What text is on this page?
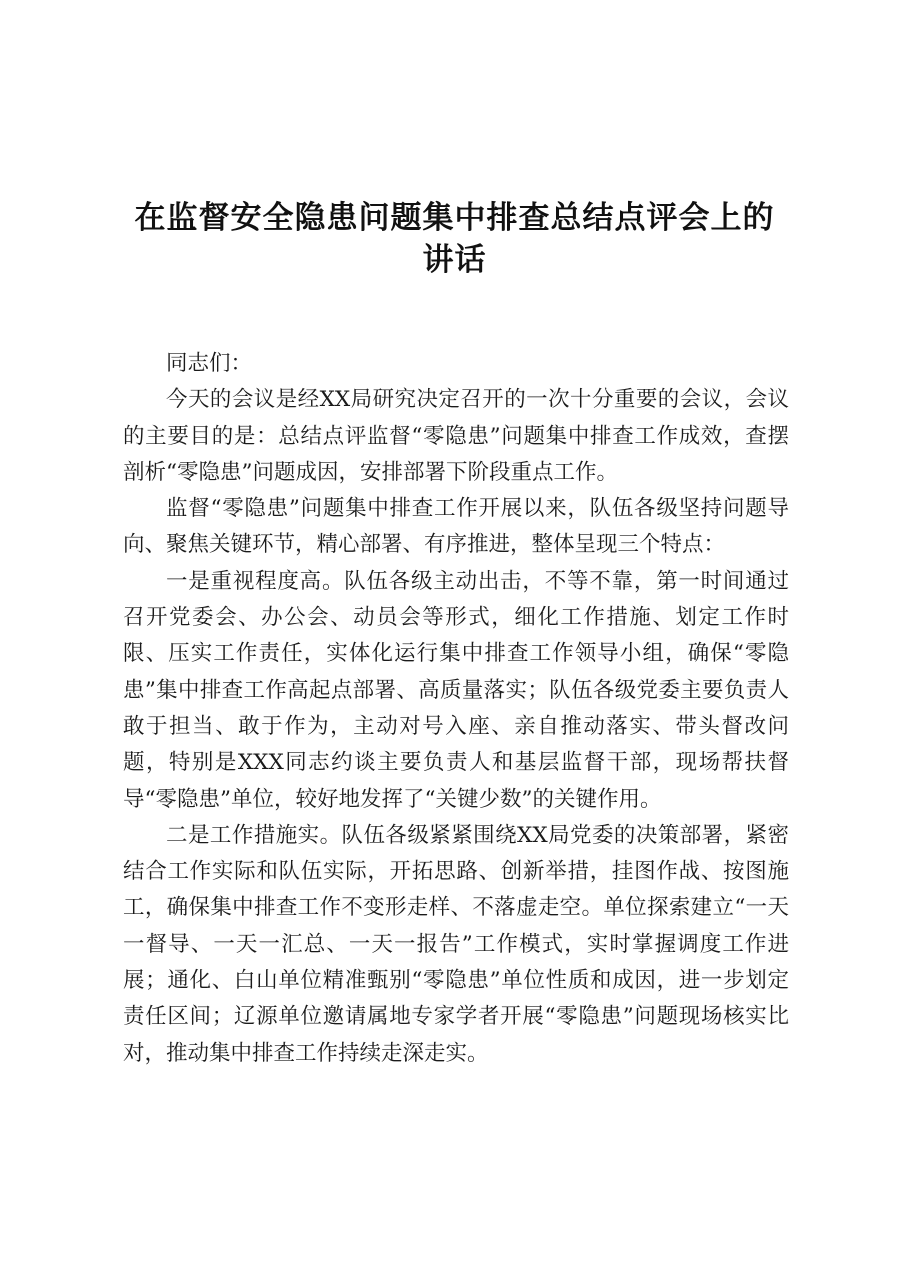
在监督安全隐患问题集中排查总结点评会上的
讲话

同志们：

今天的会议是经XX局研究决定召开的一次十分重要的会议，会议的主要目的是：总结点评监督“零隐患”问题集中排查工作成效，查摆剖析“零隐患”问题成因，安排部署下阶段重点工作。

监督“零隐患”问题集中排查工作开展以来，队伍各级坚持问题导向、聚焦关键环节，精心部署、有序推进，整体呈现三个特点：

一是重视程度高。队伍各级主动出击，不等不靠，第一时间通过召开党委会、办公会、动员会等形式，细化工作措施、划定工作时限、压实工作责任，实体化运行集中排查工作领导小组，确保“零隐患”集中排查工作高起点部署、高质量落实；队伍各级党委主要负责人敢于担当、敢于作为，主动对号入座、亲自推动落实、带头督改问题，特别是XXX同志约谈主要负责人和基层监督干部，现场帮扶督导“零隐患”单位，较好地发挥了“关键少数”的关键作用。

二是工作措施实。队伍各级紧紧围绕XX局党委的决策部署，紧密结合工作实际和队伍实际，开拓思路、创新举措，挂图作战、按图施工，确保集中排查工作不变形走样、不落虚走空。单位探索建立“一天一督导、一天一汇总、一天一报告”工作模式，实时掌握调度工作进展；通化、白山单位精准甄别“零隐患”单位性质和成因，进一步划定责任区间；辽源单位邀请属地专家学者开展“零隐患”问题现场核实比对，推动集中排查工作持续走深走实。
